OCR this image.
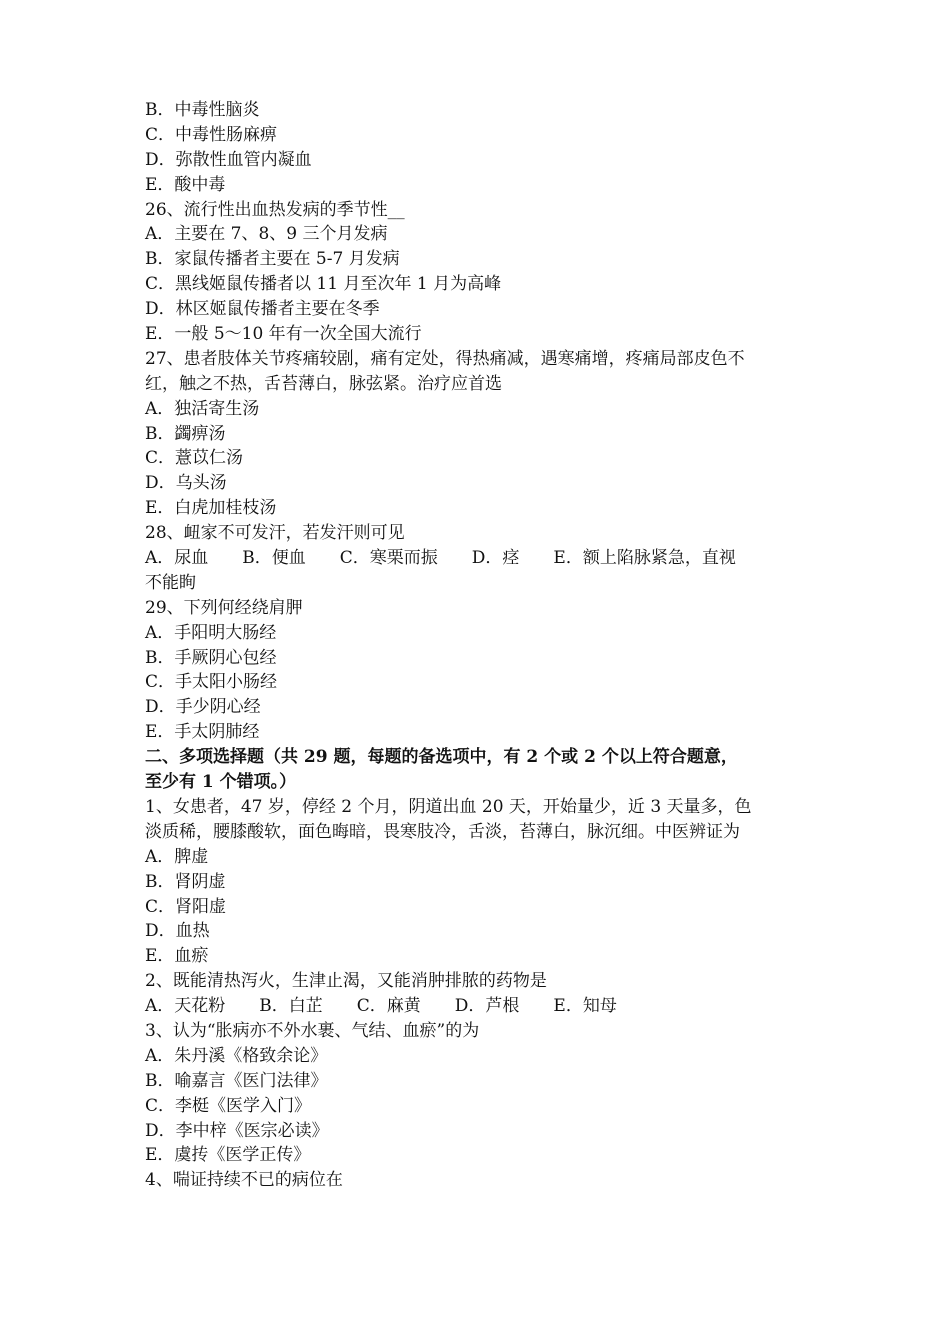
B．中毒性脑炎
C．中毒性肠麻痹
D．弥散性血管内凝血
E．酸中毒
26、流行性出血热发病的季节性__
A．主要在 7、8、9 三个月发病
B．家鼠传播者主要在 5-7 月发病
C．黑线姬鼠传播者以 11 月至次年 1 月为高峰
D．林区姬鼠传播者主要在冬季
E．一般 5～10 年有一次全国大流行
27、患者肢体关节疼痛较剧，痛有定处，得热痛减，遇寒痛增，疼痛局部皮色不
红，触之不热，舌苔薄白，脉弦紧。治疗应首选
A．独活寄生汤
B．蠲痹汤
C．薏苡仁汤
D．乌头汤
E．白虎加桂枝汤
28、衄家不可发汗，若发汗则可见
A．尿血　　B．便血　　C．寒栗而振　　D．痉　　E．额上陷脉紧急，直视
不能眴
29、下列何经绕肩胛
A．手阳明大肠经
B．手厥阴心包经
C．手太阳小肠经
D．手少阴心经
E．手太阴肺经
二、多项选择题（共 29 题，每题的备选项中，有 2 个或 2 个以上符合题意，
至少有 1 个错项。）
1、女患者，47 岁，停经 2 个月，阴道出血 20 天，开始量少，近 3 天量多，色
淡质稀，腰膝酸软，面色晦暗，畏寒肢冷，舌淡，苔薄白，脉沉细。中医辨证为
A．脾虚
B．肾阴虚
C．肾阳虚
D．血热
E．血瘀
2、既能清热泻火，生津止渴，又能消肿排脓的药物是
A．天花粉　　B．白芷　　C．麻黄　　D．芦根　　E．知母
3、认为“胀病亦不外水裹、气结、血瘀”的为
A．朱丹溪《格致余论》
B．喻嘉言《医门法律》
C．李梃《医学入门》
D．李中梓《医宗必读》
E．虞抟《医学正传》
4、喘证持续不已的病位在
